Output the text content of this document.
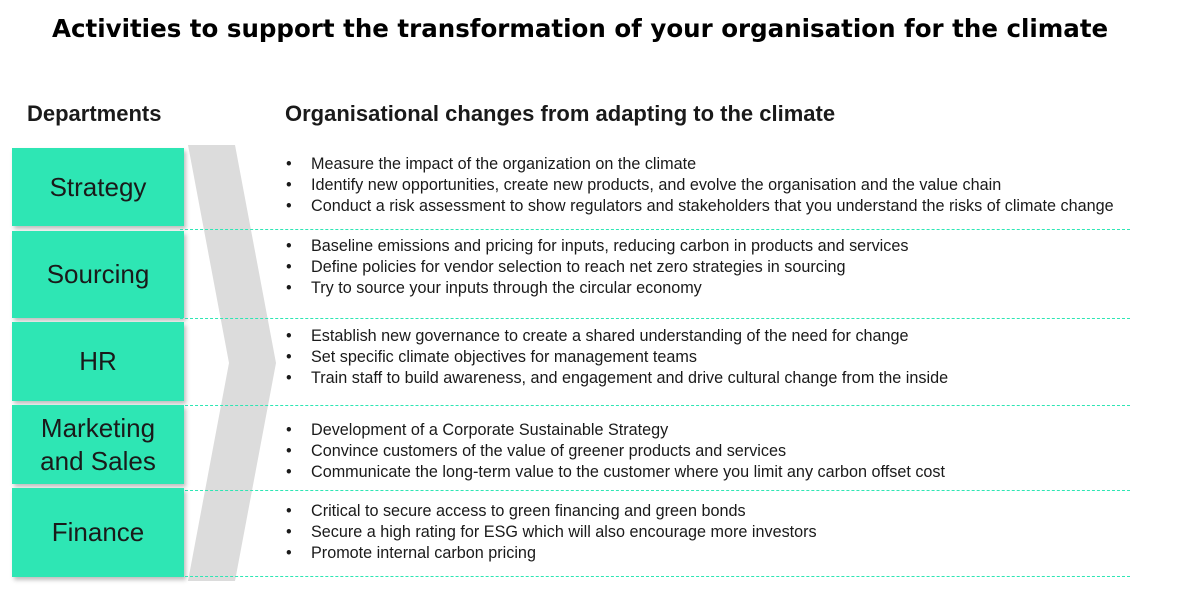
Activities to support the transformation of your organisation for the climate
Departments	Organisational changes from adapting to the climate
Strategy
• Measure the impact of the organization on the climate
• Identify new opportunities, create new products, and evolve the organisation and the value chain
• Conduct a risk assessment to show regulators and stakeholders that you understand the risks of climate change
Sourcing
• Baseline emissions and pricing for inputs, reducing carbon in products and services
• Define policies for vendor selection to reach net zero strategies in sourcing
• Try to source your inputs through the circular economy
HR
• Establish new governance to create a shared understanding of the need for change
• Set specific climate objectives for management teams
• Train staff to build awareness, and engagement and drive cultural change from the inside
Marketing and Sales
• Development of a Corporate Sustainable Strategy
• Convince customers of the value of greener products and services
• Communicate the long-term value to the customer where you limit any carbon offset cost
Finance
• Critical to secure access to green financing and green bonds
• Secure a high rating for ESG which will also encourage more investors
• Promote internal carbon pricing
